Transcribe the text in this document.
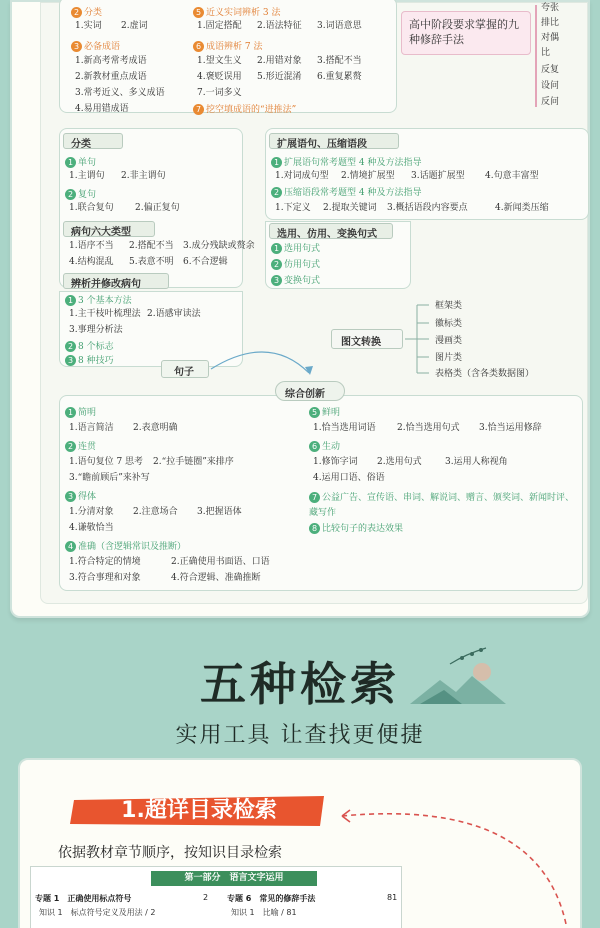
2 分类
1.实词 2.虚词
5 近义实词辨析 3 法
1.固定搭配 2.语法特征 3.词语意思
3 必备成语
1.新高考常考成语
2.新教材重点成语
3.常考近义、多义成语
4.易用错成语
6 成语辨析 7 法
1.望文生义 2.用错对象 3.搭配不当
4.褒贬误用 5.形近混淆 6.重复累赘
7.一词多义
7 挖空填成语的“进推法”
高中阶段要求掌握的九种修辞手法
夸张
排比
对偶
比
反复
设问
反问
分类
1 单句
1.主谓句 2.非主谓句
2 复句
1.联合复句 2.偏正复句
病句六大类型
1.语序不当 2.搭配不当 3.成分残缺或赘余
4.结构混乱 5.表意不明 6.不合逻辑
辨析并修改病句
1 3 个基本方法
1.主干枝叶梳理法 2.语感审读法
3.事理分析法
2 8 个标志
3 8 种技巧
句子
扩展语句、压缩语段
1 扩展语句常考题型 4 种及方法指导
1.对词成句型 2.情境扩展型 3.话题扩展型 4.句意丰富型
2 压缩语段常考题型 4 种及方法指导
1.下定义 2.提取关键词 3.概括语段内容要点	4.新闻类压缩
选用、仿用、变换句式
1 选用句式
2 仿用句式
3 变换句式
图文转换
框架类
徽标类
漫画类
图片类
表格类（含各类数据图）
综合创新
1 简明
1.语言简洁 2.表意明确
2 连贯
1.语句复位 7 思考 2.“拉手链圈”来排序
3.“瞻前顾后”来补写
3 得体
1.分清对象 2.注意场合 3.把握语体
4.谦敬恰当
4 准确（含逻辑常识及推断）
1.符合特定的情境	2.正确使用书面语、口语
3.符合事理和对象	4.符合逻辑、准确推断
5 鲜明
1.恰当选用词语 2.恰当选用句式 3.恰当运用修辞
6 生动
1.修饰字词 2.选用句式	3.运用人称视角
4.运用口语、俗语
7 公益广告、宣传语、串词、解说词、赠言、颁奖词、新闻时评、藏写作
8 比较句子的表达效果
五种检索
实用工具 让查找更便捷
1.超详目录检索
依据教材章节顺序，按知识目录检索
第一部分　语言文字运用
专题 1　正确使用标点符号	2
知识 1　标点符号定义及用法 / 2
专题 6　常见的修辞手法	81
知识 1　比喻 / 81
